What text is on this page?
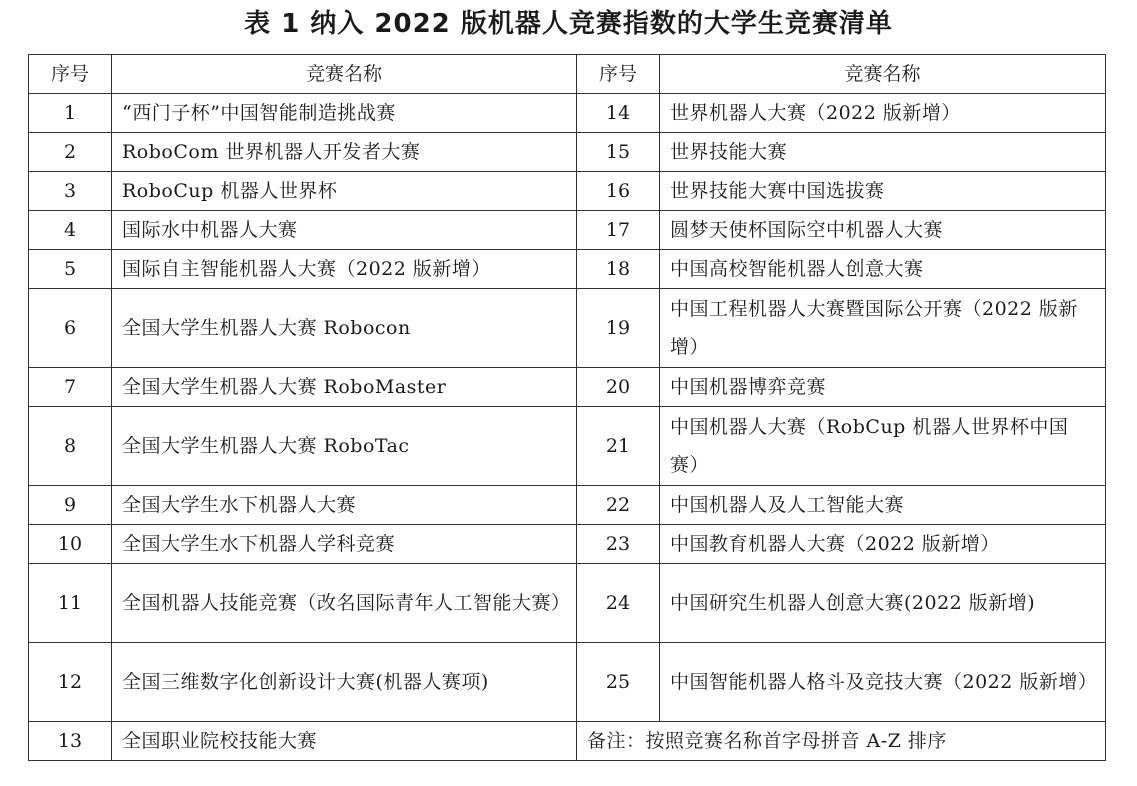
表 1 纳入 2022 版机器人竞赛指数的大学生竞赛清单
序号	竞赛名称	序号	竞赛名称
1	“西门子杯”中国智能制造挑战赛	14	世界机器人大赛（2022 版新增）
2	RoboCom 世界机器人开发者大赛	15	世界技能大赛
3	RoboCup 机器人世界杯	16	世界技能大赛中国选拔赛
4	国际水中机器人大赛	17	圆梦天使杯国际空中机器人大赛
5	国际自主智能机器人大赛（2022 版新增）	18	中国高校智能机器人创意大赛
6	全国大学生机器人大赛 Robocon	19	中国工程机器人大赛暨国际公开赛（2022 版新增）
7	全国大学生机器人大赛 RoboMaster	20	中国机器博弈竞赛
8	全国大学生机器人大赛 RoboTac	21	中国机器人大赛（RobCup 机器人世界杯中国赛）
9	全国大学生水下机器人大赛	22	中国机器人及人工智能大赛
10	全国大学生水下机器人学科竞赛	23	中国教育机器人大赛（2022 版新增）
11	全国机器人技能竞赛（改名国际青年人工智能大赛）	24	中国研究生机器人创意大赛(2022 版新增)
12	全国三维数字化创新设计大赛(机器人赛项)	25	中国智能机器人格斗及竞技大赛（2022 版新增）
13	全国职业院校技能大赛	备注：按照竞赛名称首字母拼音 A-Z 排序	
